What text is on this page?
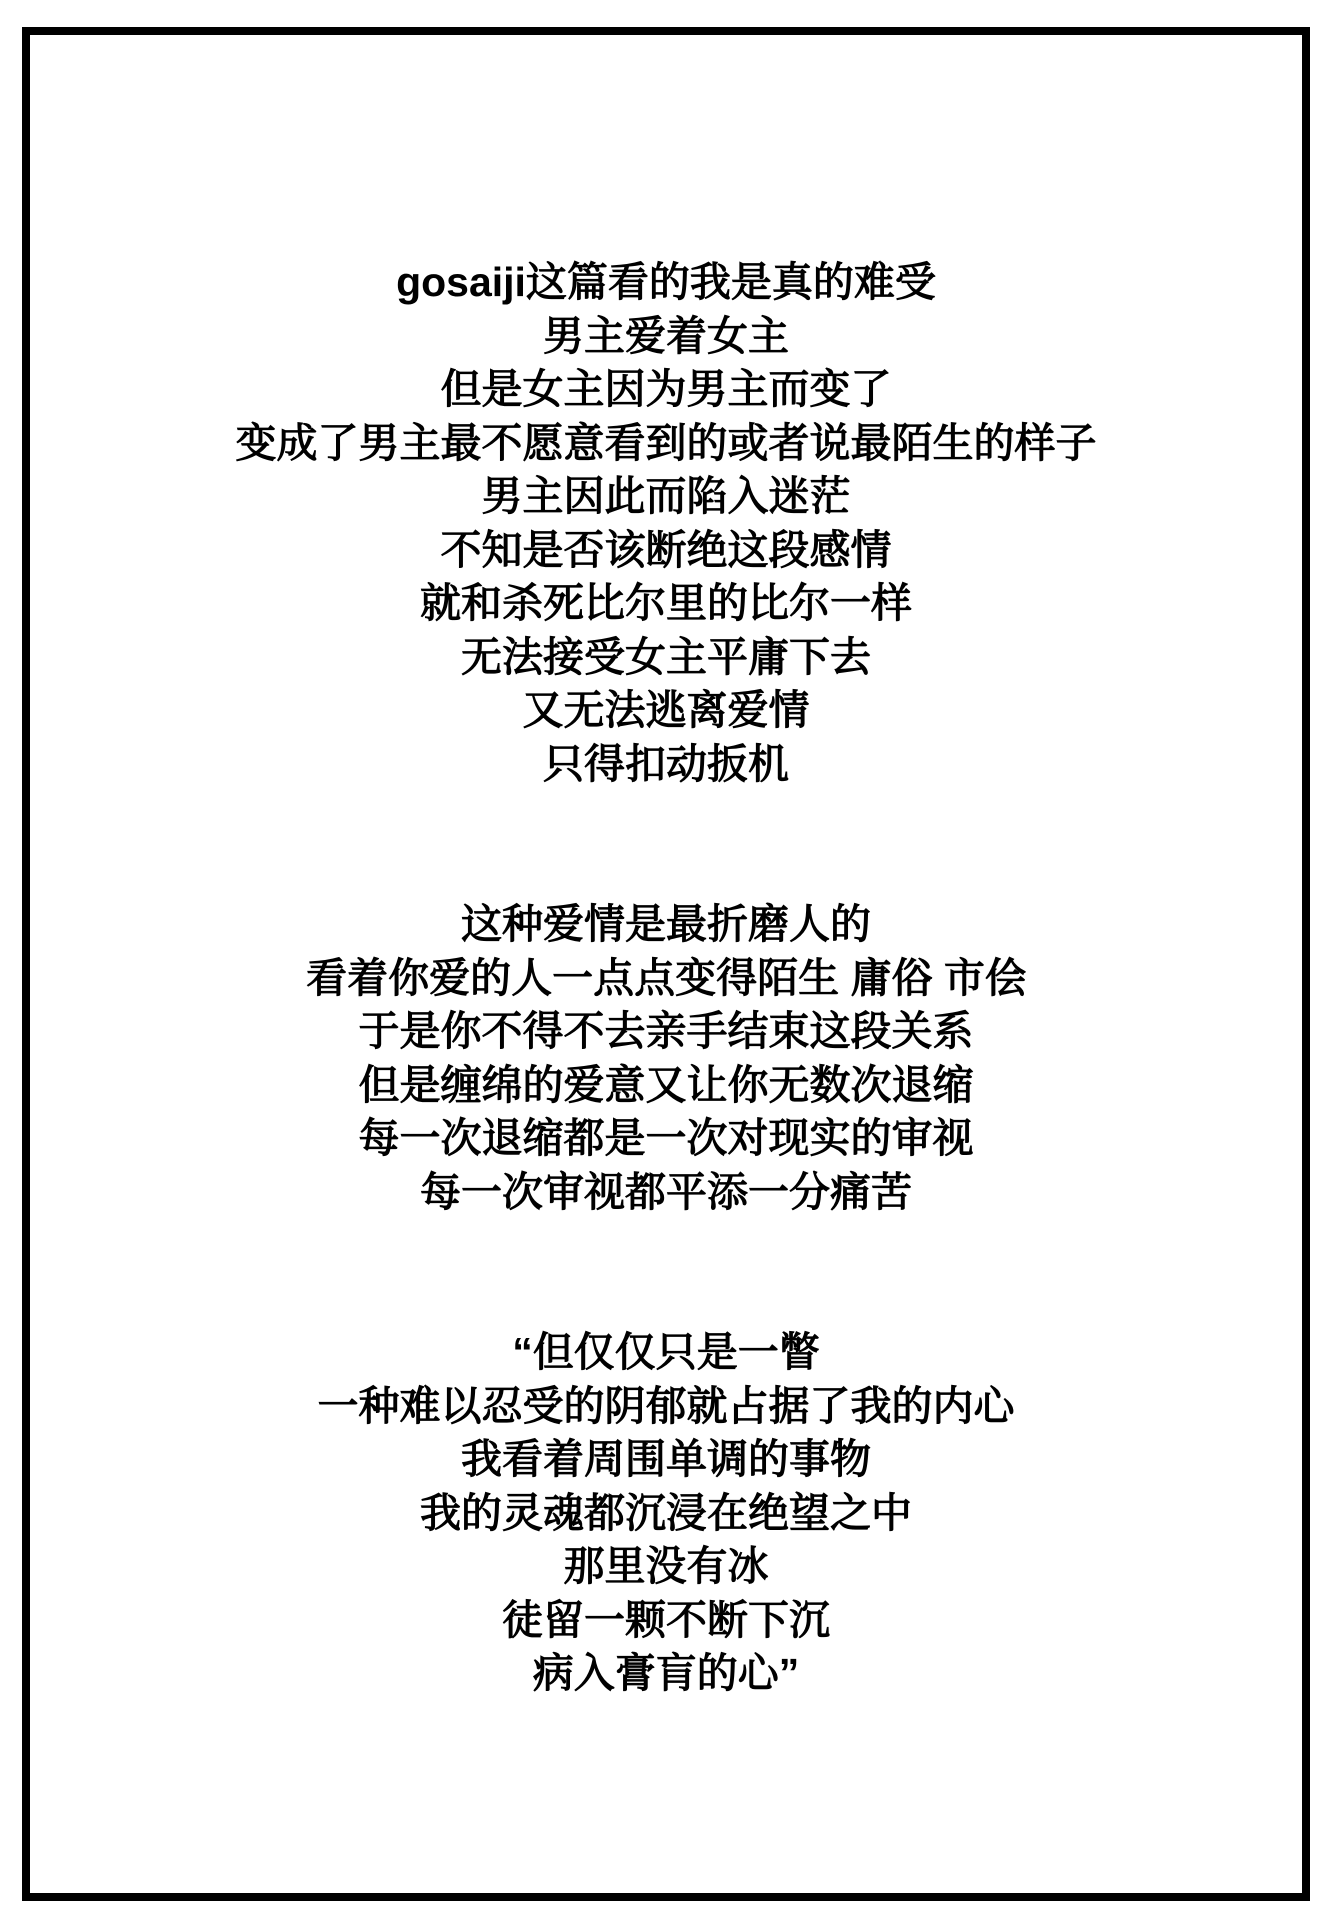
gosaiji这篇看的我是真的难受
男主爱着女主
但是女主因为男主而变了
变成了男主最不愿意看到的或者说最陌生的样子
男主因此而陷入迷茫
不知是否该断绝这段感情
就和杀死比尔里的比尔一样
无法接受女主平庸下去
又无法逃离爱情
只得扣动扳机
这种爱情是最折磨人的
看着你爱的人一点点变得陌生 庸俗 市侩
于是你不得不去亲手结束这段关系
但是缠绵的爱意又让你无数次退缩
每一次退缩都是一次对现实的审视
每一次审视都平添一分痛苦
“但仅仅只是一瞥
一种难以忍受的阴郁就占据了我的内心
我看着周围单调的事物
我的灵魂都沉浸在绝望之中
那里没有冰
徒留一颗不断下沉
病入膏肓的心”
